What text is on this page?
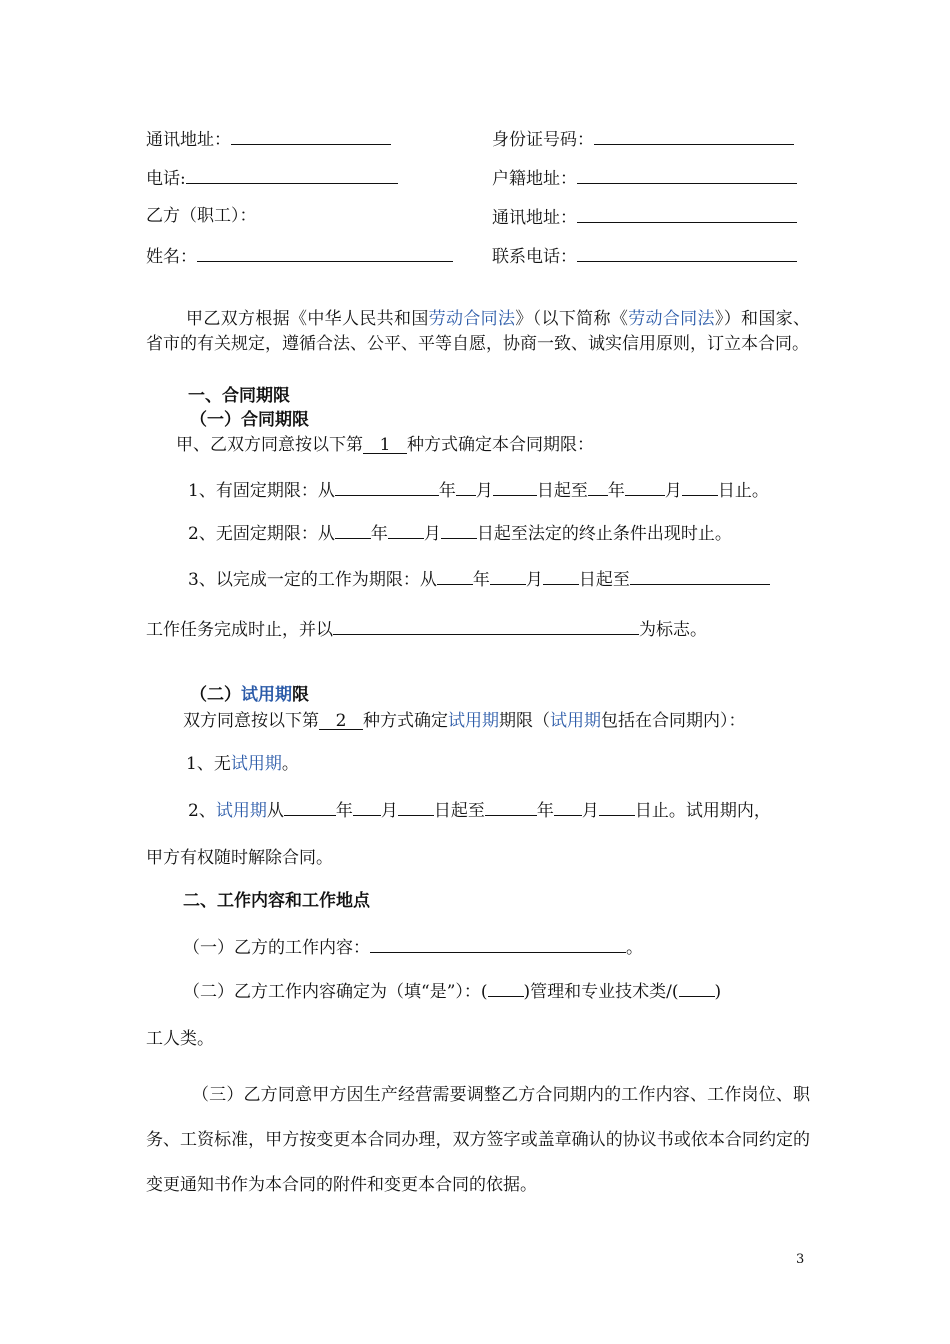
通讯地址：	身份证号码：
电话:	户籍地址：
乙方（职工）：	通讯地址：
姓名：	联系电话：
甲乙双方根据《中华人民共和国劳动合同法》（以下简称《劳动合同法》）和国家、省市的有关规定，遵循合法、公平、平等自愿，协商一致、诚实信用原则，订立本合同。
一、合同期限
（一）合同期限
甲、乙双方同意按以下第 1 种方式确定本合同期限：
1、有固定期限：从	年 月	日起至 年 月 日止。
2、无固定期限：从 年 月 日起至法定的终止条件出现时止。
3、以完成一定的工作为期限：从 年 月 日起至
工作任务完成时止，并以	为标志。
（二）试用期限
双方同意按以下第 2 种方式确定试用期期限（试用期包括在合同期内）：
1、无试用期。
2、试用期从	年 月 日起至	年 月 日止。试用期内，
甲方有权随时解除合同。
二、工作内容和工作地点
（一）乙方的工作内容：	。
（二）乙方工作内容确定为（填“是”）：( )管理和专业技术类/( )
工人类。
（三）乙方同意甲方因生产经营需要调整乙方合同期内的工作内容、工作岗位、职务、工资标准，甲方按变更本合同办理，双方签字或盖章确认的协议书或依本合同约定的变更通知书作为本合同的附件和变更本合同的依据。
3
